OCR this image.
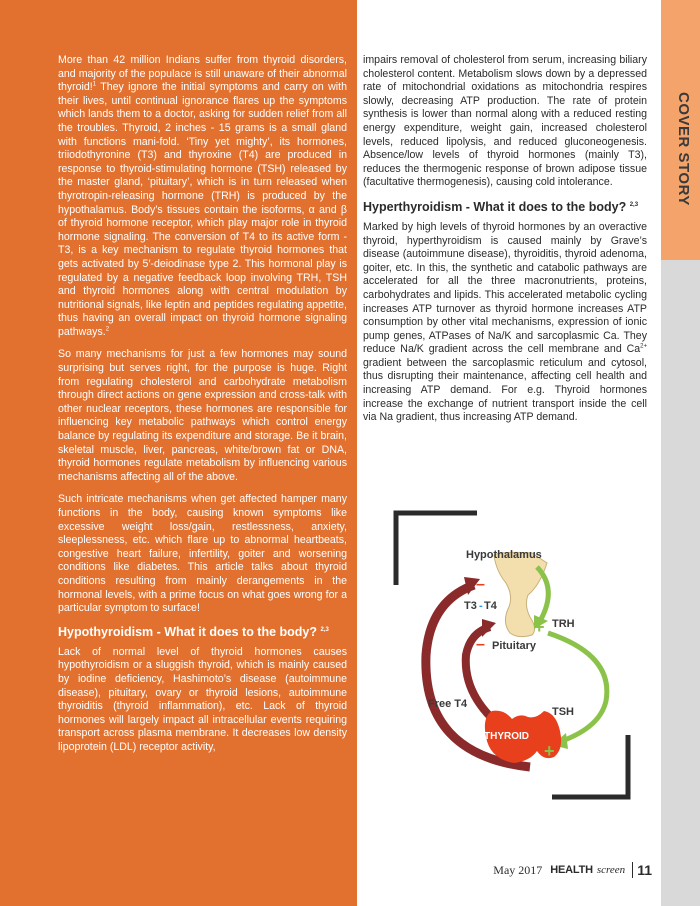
More than 42 million Indians suffer from thyroid disorders, and majority of the populace is still unaware of their abnormal thyroid!$^1$ They ignore the initial symptoms and carry on with their lives, until continual ignorance flares up the symptoms which lands them to a doctor, asking for sudden relief from all the troubles. Thyroid, 2 inches - 15 grams is a small gland with functions mani-fold. ‘Tiny yet mighty’, its hormones, triiodothyronine (T3) and thyroxine (T4) are produced in response to thyroid-stimulating hormone (TSH) released by the master gland, ‘pituitary’, which is in turn released when thyrotropin-releasing hormone (TRH) is produced by the hypothalamus. Body’s tissues contain the isoforms, α and β of thyroid hormone receptor, which play major role in thyroid hormone signaling. The conversion of T4 to its active form - T3, is a key mechanism to regulate thyroid hormones that gets activated by 5′-deiodinase type 2. This hormonal play is regulated by a negative feedback loop involving TRH, TSH and thyroid hormones along with central modulation by nutritional signals, like leptin and peptides regulating appetite, thus having an overall impact on thyroid hormone signaling pathways.$^2$

So many mechanisms for just a few hormones may sound surprising but serves right, for the purpose is huge. Right from regulating cholesterol and carbohydrate metabolism through direct actions on gene expression and cross-talk with other nuclear receptors, these hormones are responsible for influencing key metabolic pathways which control energy balance by regulating its expenditure and storage. Be it brain, skeletal muscle, liver, pancreas, white/brown fat or DNA, thyroid hormones regulate metabolism by influencing various mechanisms affecting all of the above.

Such intricate mechanisms when get affected hamper many functions in the body, causing known symptoms like excessive weight loss/gain, restlessness, anxiety, sleeplessness, etc. which flare up to abnormal heartbeats, congestive heart failure, infertility, goiter and worsening conditions like diabetes. This article talks about thyroid conditions resulting from mainly derangements in the hormonal levels, with a prime focus on what goes wrong for a particular symptom to surface!

Hypothyroidism - What it does to the body? $^{2,3}$

Lack of normal level of thyroid hormones causes hypothyroidism or a sluggish thyroid, which is mainly caused by iodine deficiency, Hashimoto’s disease (autoimmune disease), pituitary, ovary or thyroid lesions, autoimmune thyroiditis (thyroid inflammation), etc. Lack of thyroid hormones will largely impact all intracellular events requiring transport across plasma membrane. It decreases low density lipoprotein (LDL) receptor activity,

impairs removal of cholesterol from serum, increasing biliary cholesterol content. Metabolism slows down by a depressed rate of mitochondrial oxidations as mitochondria respires slowly, decreasing ATP production. The rate of protein synthesis is lower than normal along with a reduced resting energy expenditure, weight gain, increased cholesterol levels, reduced lipolysis, and reduced gluconeogenesis. Absence/low levels of thyroid hormones (mainly T3), reduces the thermogenic response of brown adipose tissue (facultative thermogenesis), causing cold intolerance.

Hyperthyroidism - What it does to the body? $^{2,3}$

Marked by high levels of thyroid hormones by an overactive thyroid, hyperthyroidism is caused mainly by Grave’s disease (autoimmune disease), thyroiditis, thyroid adenoma, goiter, etc. In this, the synthetic and catabolic pathways are accelerated for all the three macronutrients, proteins, carbohydrates and lipids. This accelerated metabolic cycling increases ATP turnover as thyroid hormone increases ATP consumption by other vital mechanisms, expression of ionic pump genes, ATPases of Na/K and sarcoplasmic Ca. They reduce Na/K gradient across the cell membrane and $Ca^{2+}$ gradient between the sarcoplasmic reticulum and cytosol, thus disrupting their maintenance, affecting cell health and increasing ATP demand. For e.g. Thyroid hormones increase the exchange of nutrient transport inside the cell via Na gradient, thus increasing ATP demand.

COVER STORY
–
–
+
+
Hypothalamus
T3 - T4
TRH
Pituitary
Free T4
TSH
THYROID
May 2017 HEALTH screen 11
